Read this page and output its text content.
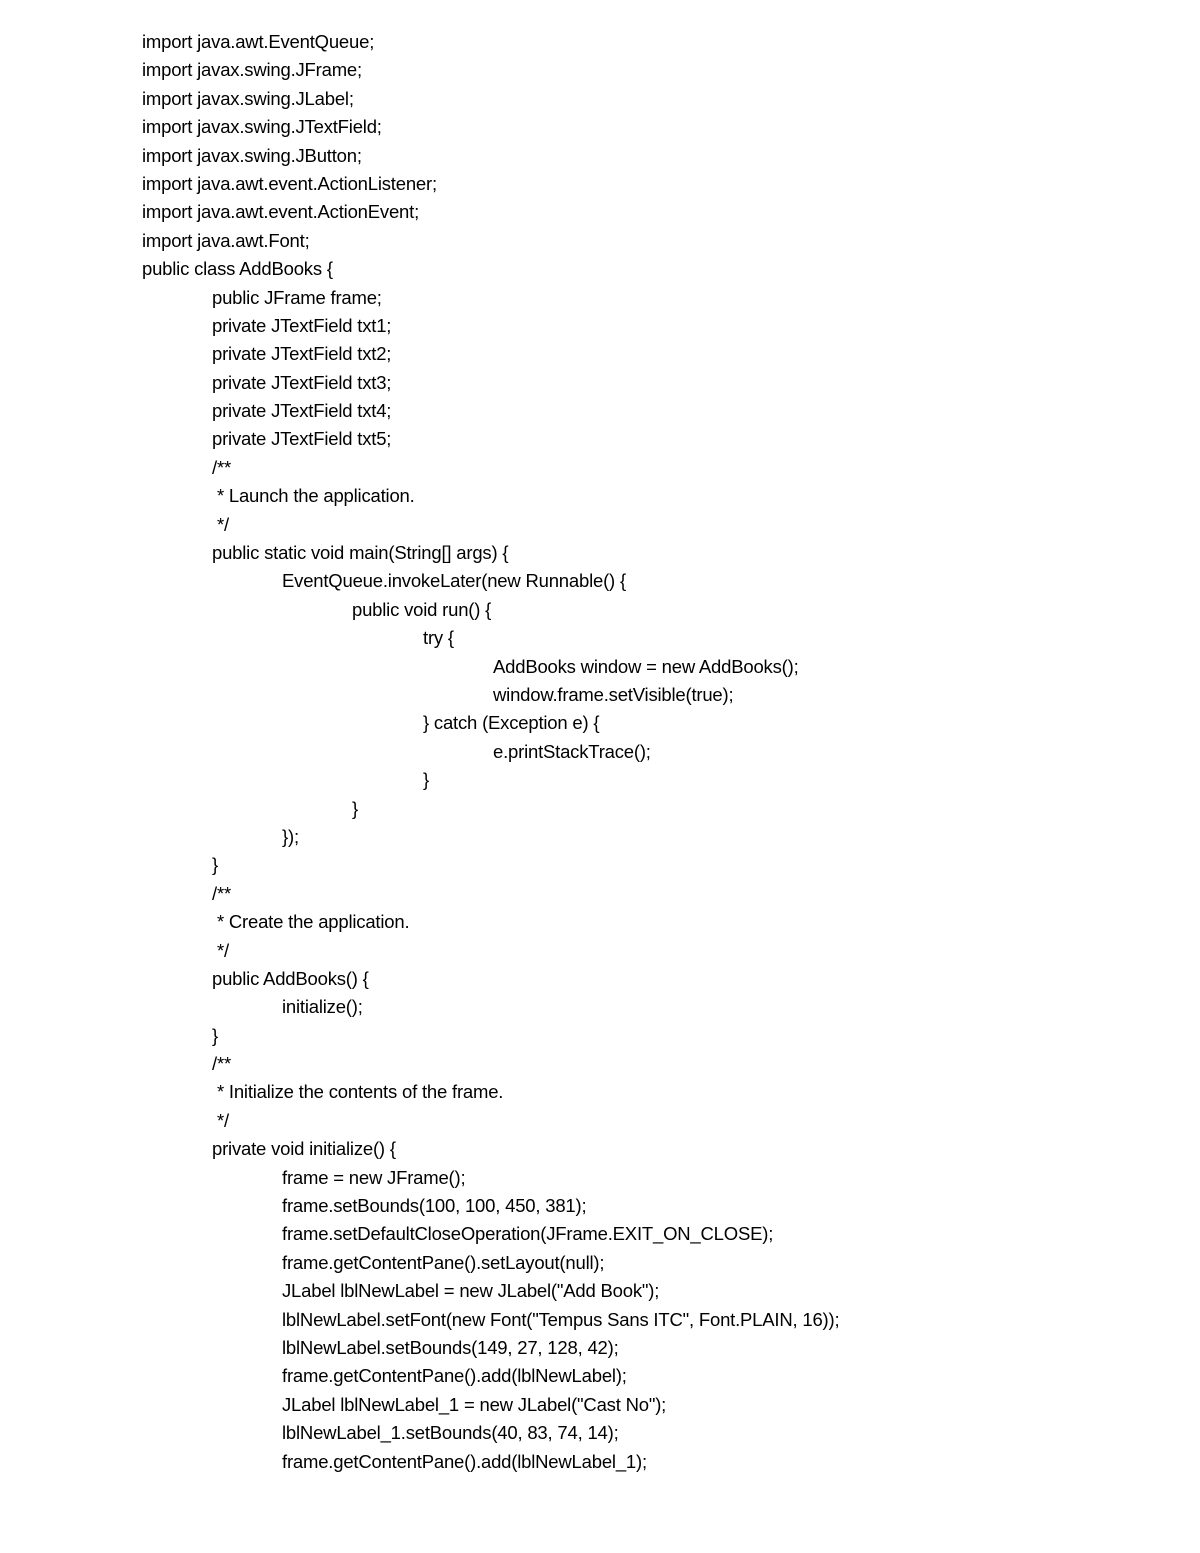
import java.awt.EventQueue;
import javax.swing.JFrame;
import javax.swing.JLabel;
import javax.swing.JTextField;
import javax.swing.JButton;
import java.awt.event.ActionListener;
import java.awt.event.ActionEvent;
import java.awt.Font;
public class AddBooks {
public JFrame frame;
private JTextField txt1;
private JTextField txt2;
private JTextField txt3;
private JTextField txt4;
private JTextField txt5;
/**
* Launch the application.
*/
public static void main(String[] args) {
EventQueue.invokeLater(new Runnable() {
public void run() {
try {
AddBooks window = new AddBooks();
window.frame.setVisible(true);
} catch (Exception e) {
e.printStackTrace();
}
}
});
}
/**
* Create the application.
*/
public AddBooks() {
initialize();
}
/**
* Initialize the contents of the frame.
*/
private void initialize() {
frame = new JFrame();
frame.setBounds(100, 100, 450, 381);
frame.setDefaultCloseOperation(JFrame.EXIT_ON_CLOSE);
frame.getContentPane().setLayout(null);
JLabel lblNewLabel = new JLabel("Add Book");
lblNewLabel.setFont(new Font("Tempus Sans ITC", Font.PLAIN, 16));
lblNewLabel.setBounds(149, 27, 128, 42);
frame.getContentPane().add(lblNewLabel);
JLabel lblNewLabel_1 = new JLabel("Cast No");
lblNewLabel_1.setBounds(40, 83, 74, 14);
frame.getContentPane().add(lblNewLabel_1);
